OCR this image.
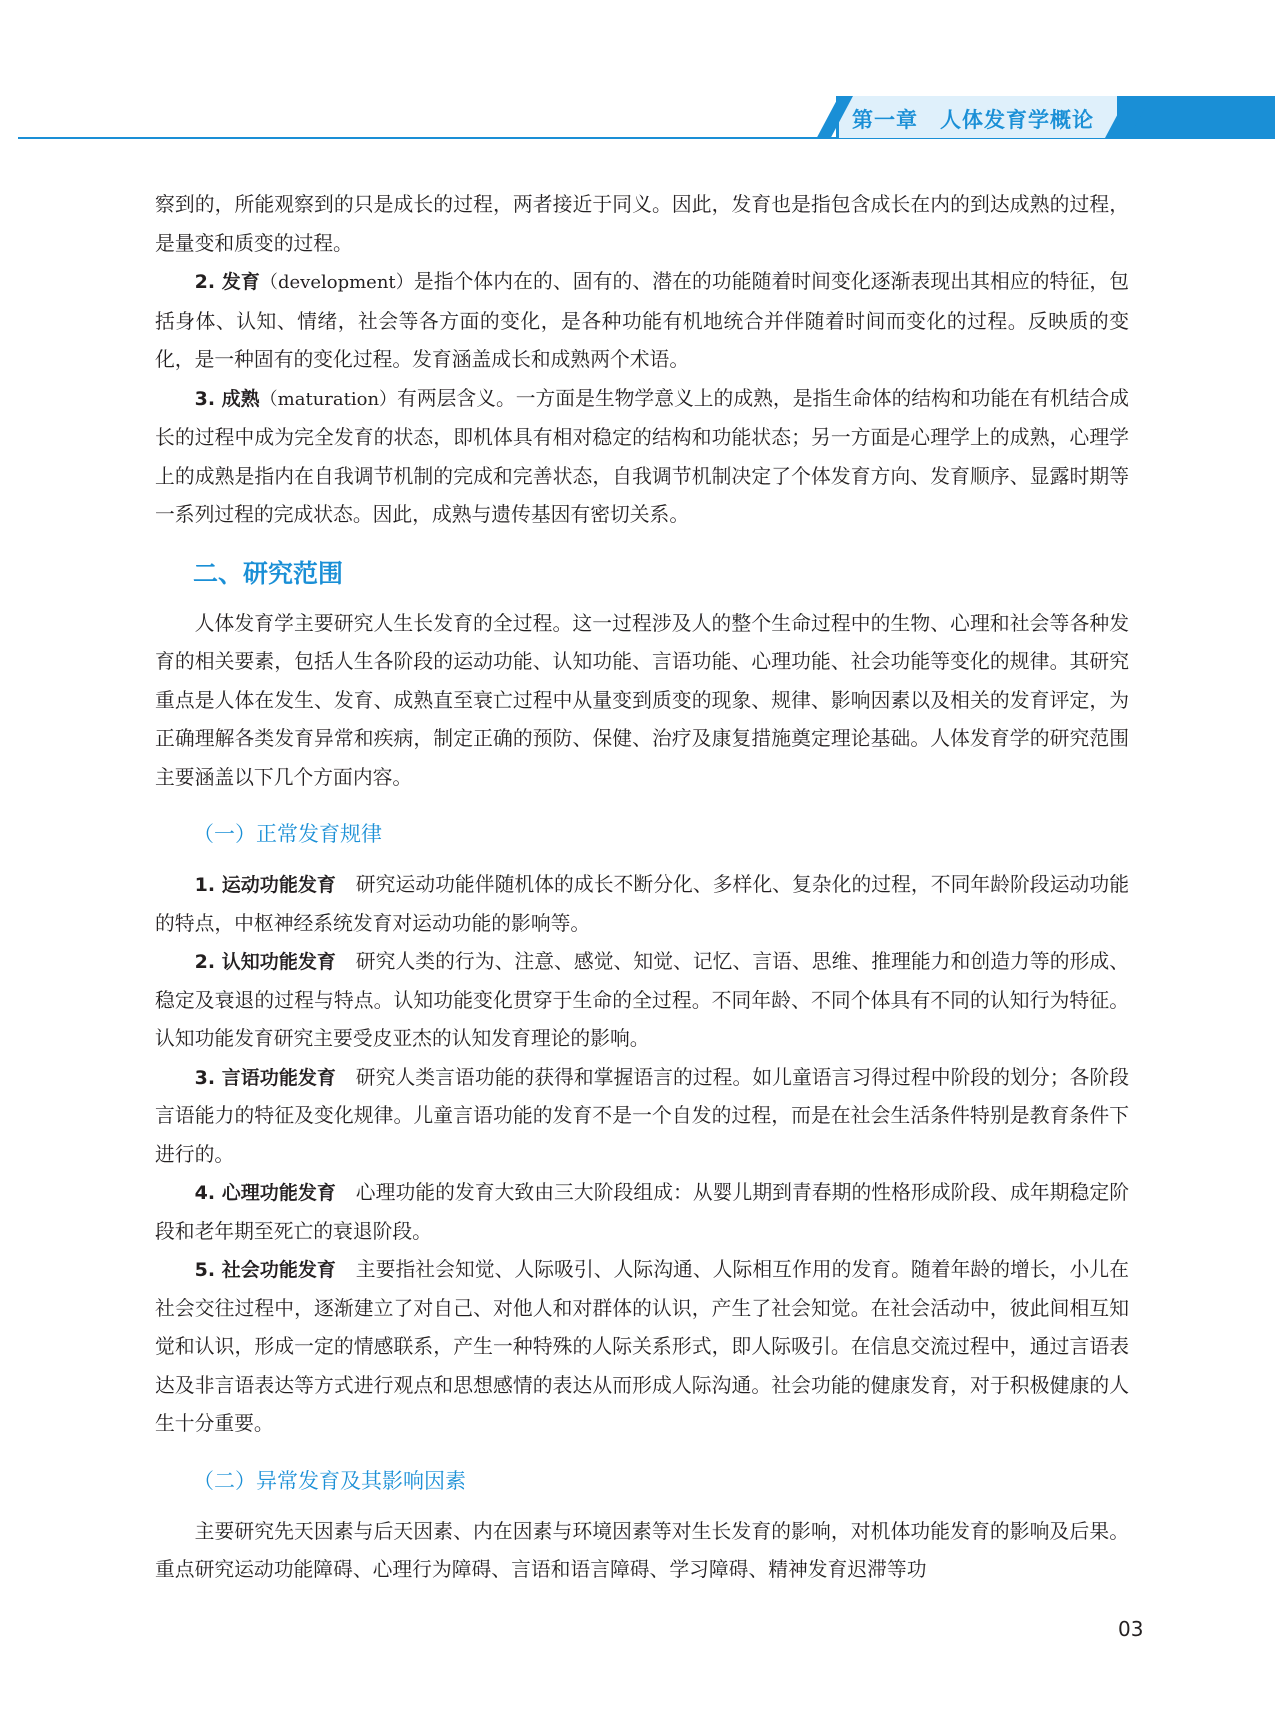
第一章　人体发育学概论

察到的，所能观察到的只是成长的过程，两者接近于同义。因此，发育也是指包含成长在内的到达成熟的过程，是量变和质变的过程。

2. 发育（development）是指个体内在的、固有的、潜在的功能随着时间变化逐渐表现出其相应的特征，包括身体、认知、情绪，社会等各方面的变化，是各种功能有机地统合并伴随着时间而变化的过程。反映质的变化，是一种固有的变化过程。发育涵盖成长和成熟两个术语。

3. 成熟（maturation）有两层含义。一方面是生物学意义上的成熟，是指生命体的结构和功能在有机结合成长的过程中成为完全发育的状态，即机体具有相对稳定的结构和功能状态；另一方面是心理学上的成熟，心理学上的成熟是指内在自我调节机制的完成和完善状态，自我调节机制决定了个体发育方向、发育顺序、显露时期等一系列过程的完成状态。因此，成熟与遗传基因有密切关系。

二、研究范围

人体发育学主要研究人生长发育的全过程。这一过程涉及人的整个生命过程中的生物、心理和社会等各种发育的相关要素，包括人生各阶段的运动功能、认知功能、言语功能、心理功能、社会功能等变化的规律。其研究重点是人体在发生、发育、成熟直至衰亡过程中从量变到质变的现象、规律、影响因素以及相关的发育评定，为正确理解各类发育异常和疾病，制定正确的预防、保健、治疗及康复措施奠定理论基础。人体发育学的研究范围主要涵盖以下几个方面内容。

（一）正常发育规律

1. 运动功能发育　 研究运动功能伴随机体的成长不断分化、多样化、复杂化的过程，不同年龄阶段运动功能的特点，中枢神经系统发育对运动功能的影响等。

2. 认知功能发育　 研究人类的行为、注意、感觉、知觉、记忆、言语、思维、推理能力和创造力等的形成、稳定及衰退的过程与特点。认知功能变化贯穿于生命的全过程。不同年龄、不同个体具有不同的认知行为特征。认知功能发育研究主要受皮亚杰的认知发育理论的影响。

3. 言语功能发育　 研究人类言语功能的获得和掌握语言的过程。如儿童语言习得过程中阶段的划分；各阶段言语能力的特征及变化规律。儿童言语功能的发育不是一个自发的过程，而是在社会生活条件特别是教育条件下进行的。

4. 心理功能发育　 心理功能的发育大致由三大阶段组成：从婴儿期到青春期的性格形成阶段、成年期稳定阶段和老年期至死亡的衰退阶段。

5. 社会功能发育　 主要指社会知觉、人际吸引、人际沟通、人际相互作用的发育。随着年龄的增长，小儿在社会交往过程中，逐渐建立了对自己、对他人和对群体的认识，产生了社会知觉。在社会活动中，彼此间相互知觉和认识，形成一定的情感联系，产生一种特殊的人际关系形式，即人际吸引。在信息交流过程中，通过言语表达及非言语表达等方式进行观点和思想感情的表达从而形成人际沟通。社会功能的健康发育，对于积极健康的人生十分重要。

（二）异常发育及其影响因素

主要研究先天因素与后天因素、内在因素与环境因素等对生长发育的影响，对机体功能发育的影响及后果。重点研究运动功能障碍、心理行为障碍、言语和语言障碍、学习障碍、精神发育迟滞等功

03
